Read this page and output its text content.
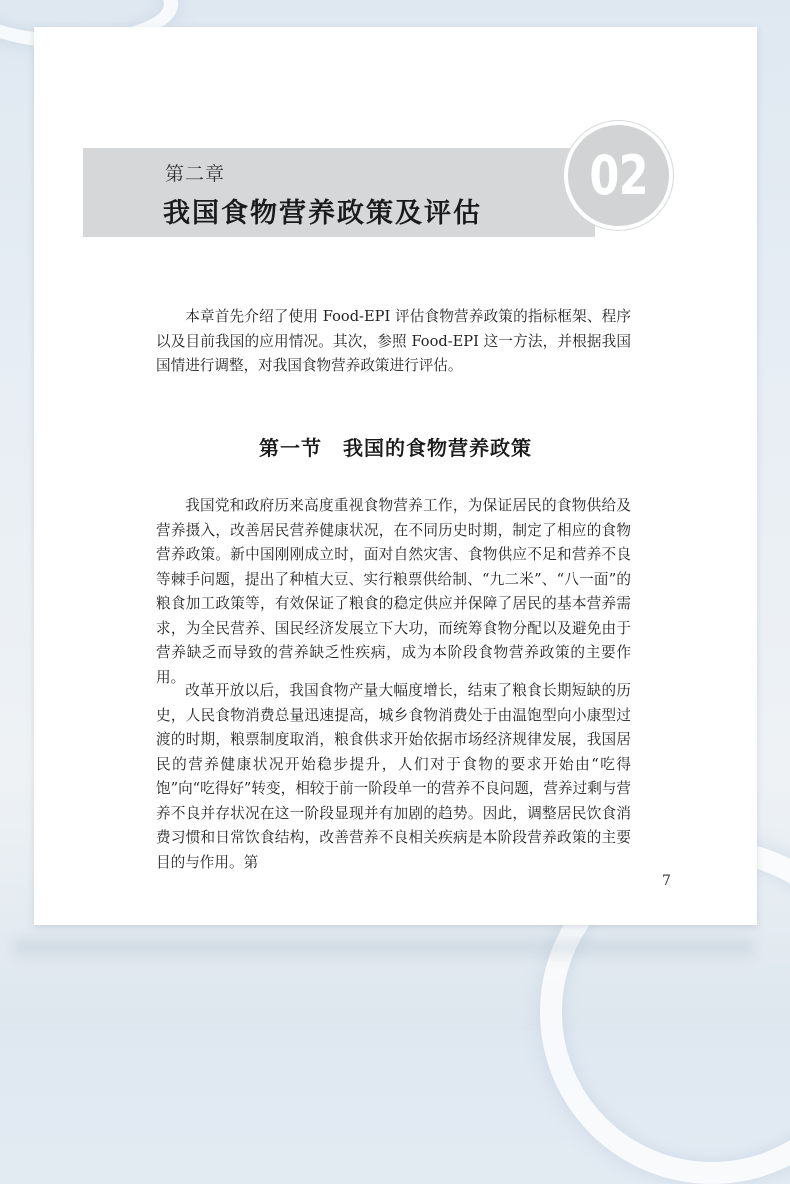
第二章
我国食物营养政策及评估
02

本章首先介绍了使用 Food-EPI 评估食物营养政策的指标框架、程序以及目前我国的应用情况。其次，参照 Food-EPI 这一方法，并根据我国国情进行调整，对我国食物营养政策进行评估。

第一节　我国的食物营养政策

我国党和政府历来高度重视食物营养工作，为保证居民的食物供给及营养摄入，改善居民营养健康状况，在不同历史时期，制定了相应的食物营养政策。新中国刚刚成立时，面对自然灾害、食物供应不足和营养不良等棘手问题，提出了种植大豆、实行粮票供给制、“九二米”、“八一面”的粮食加工政策等，有效保证了粮食的稳定供应并保障了居民的基本营养需求，为全民营养、国民经济发展立下大功，而统筹食物分配以及避免由于营养缺乏而导致的营养缺乏性疾病，成为本阶段食物营养政策的主要作用。

改革开放以后，我国食物产量大幅度增长，结束了粮食长期短缺的历史，人民食物消费总量迅速提高，城乡食物消费处于由温饱型向小康型过渡的时期，粮票制度取消，粮食供求开始依据市场经济规律发展，我国居民的营养健康状况开始稳步提升，人们对于食物的要求开始由“吃得饱”向“吃得好”转变，相较于前一阶段单一的营养不良问题，营养过剩与营养不良并存状况在这一阶段显现并有加剧的趋势。因此，调整居民饮食消费习惯和日常饮食结构，改善营养不良相关疾病是本阶段营养政策的主要目的与作用。第

7
